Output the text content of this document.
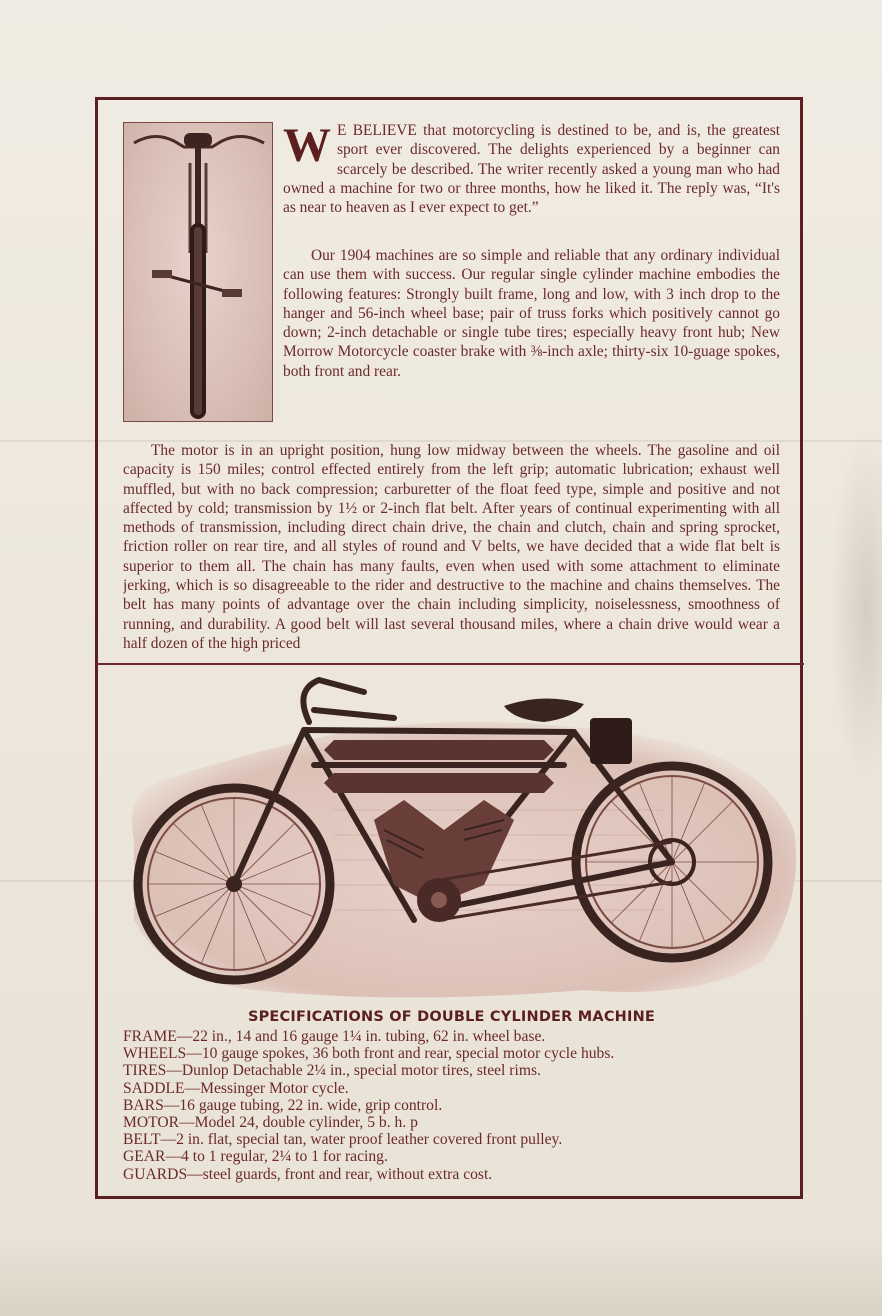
W E BELIEVE that motorcycling is destined to be, and is, the greatest sport ever discovered. The delights experienced by a beginner can scarcely be described. The writer recently asked a young man who had owned a machine for two or three months, how he liked it. The reply was, “It's as near to heaven as I ever expect to get.”
Our 1904 machines are so simple and reliable that any ordinary individual can use them with success. Our regular single cylinder machine embodies the following features: Strongly built frame, long and low, with 3 inch drop to the hanger and 56-inch wheel base; pair of truss forks which positively cannot go down; 2-inch detachable or single tube tires; especially heavy front hub; New Morrow Motorcycle coaster brake with ⅜-inch axle; thirty-six 10-guage spokes, both front and rear.
The motor is in an upright position, hung low midway between the wheels. The gasoline and oil capacity is 150 miles; control effected entirely from the left grip; automatic lubrication; exhaust well muffled, but with no back compression; carburetter of the float feed type, simple and positive and not affected by cold; transmission by 1½ or 2-inch flat belt. After years of continual experimenting with all methods of transmission, including direct chain drive, the chain and clutch, chain and spring sprocket, friction roller on rear tire, and all styles of round and V belts, we have decided that a wide flat belt is superior to them all. The chain has many faults, even when used with some attachment to eliminate jerking, which is so disagreeable to the rider and destructive to the machine and chains themselves. The belt has many points of advantage over the chain including simplicity, noiselessness, smoothness of running, and durability. A good belt will last several thousand miles, where a chain drive would wear a half dozen of the high priced
SPECIFICATIONS OF DOUBLE CYLINDER MACHINE
FRAME—22 in., 14 and 16 gauge 1¼ in. tubing, 62 in. wheel base.
WHEELS—10 gauge spokes, 36 both front and rear, special motor cycle hubs.
TIRES—Dunlop Detachable 2¼ in., special motor tires, steel rims.
SADDLE—Messinger Motor cycle.
BARS—16 gauge tubing, 22 in. wide, grip control.
MOTOR—Model 24, double cylinder, 5 b. h. p
BELT—2 in. flat, special tan, water proof leather covered front pulley.
GEAR—4 to 1 regular, 2¼ to 1 for racing.
GUARDS—steel guards, front and rear, without extra cost.
